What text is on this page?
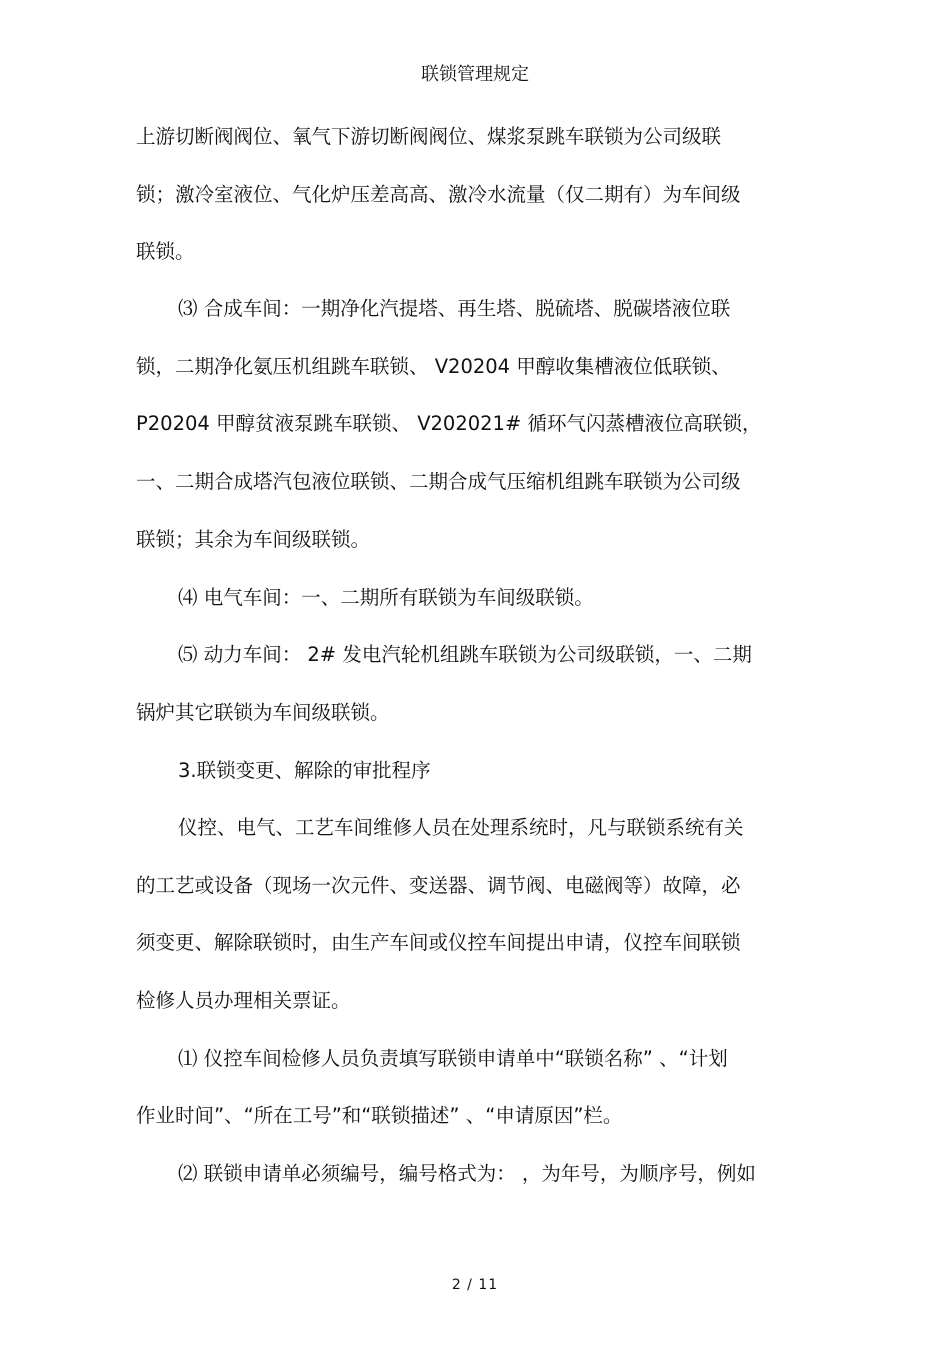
联锁管理规定
上游切断阀阀位、氧气下游切断阀阀位、煤浆泵跳车联锁为公司级联
锁；激冷室液位、气化炉压差高高、激冷水流量（仅二期有）为车间级
联锁。
⑶ 合成车间：一期净化汽提塔、再生塔、脱硫塔、脱碳塔液位联
锁，二期净化氨压机组跳车联锁、 V20204 甲醇收集槽液位低联锁、
P20204 甲醇贫液泵跳车联锁、 V202021# 循环气闪蒸槽液位高联锁，
一、二期合成塔汽包液位联锁、二期合成气压缩机组跳车联锁为公司级
联锁；其余为车间级联锁。
⑷ 电气车间：一、二期所有联锁为车间级联锁。
⑸ 动力车间： 2# 发电汽轮机组跳车联锁为公司级联锁，一、二期
锅炉其它联锁为车间级联锁。
3.联锁变更、解除的审批程序
仪控、电气、工艺车间维修人员在处理系统时，凡与联锁系统有关
的工艺或设备（现场一次元件、变送器、调节阀、电磁阀等）故障，必
须变更、解除联锁时，由生产车间或仪控车间提出申请，仪控车间联锁
检修人员办理相关票证。
⑴ 仪控车间检修人员负责填写联锁申请单中“联锁名称” 、“计划
作业时间”、“所在工号”和“联锁描述” 、“申请原因”栏。
⑵ 联锁申请单必须编号，编号格式为： ，为年号，为顺序号，例如
2 / 11
